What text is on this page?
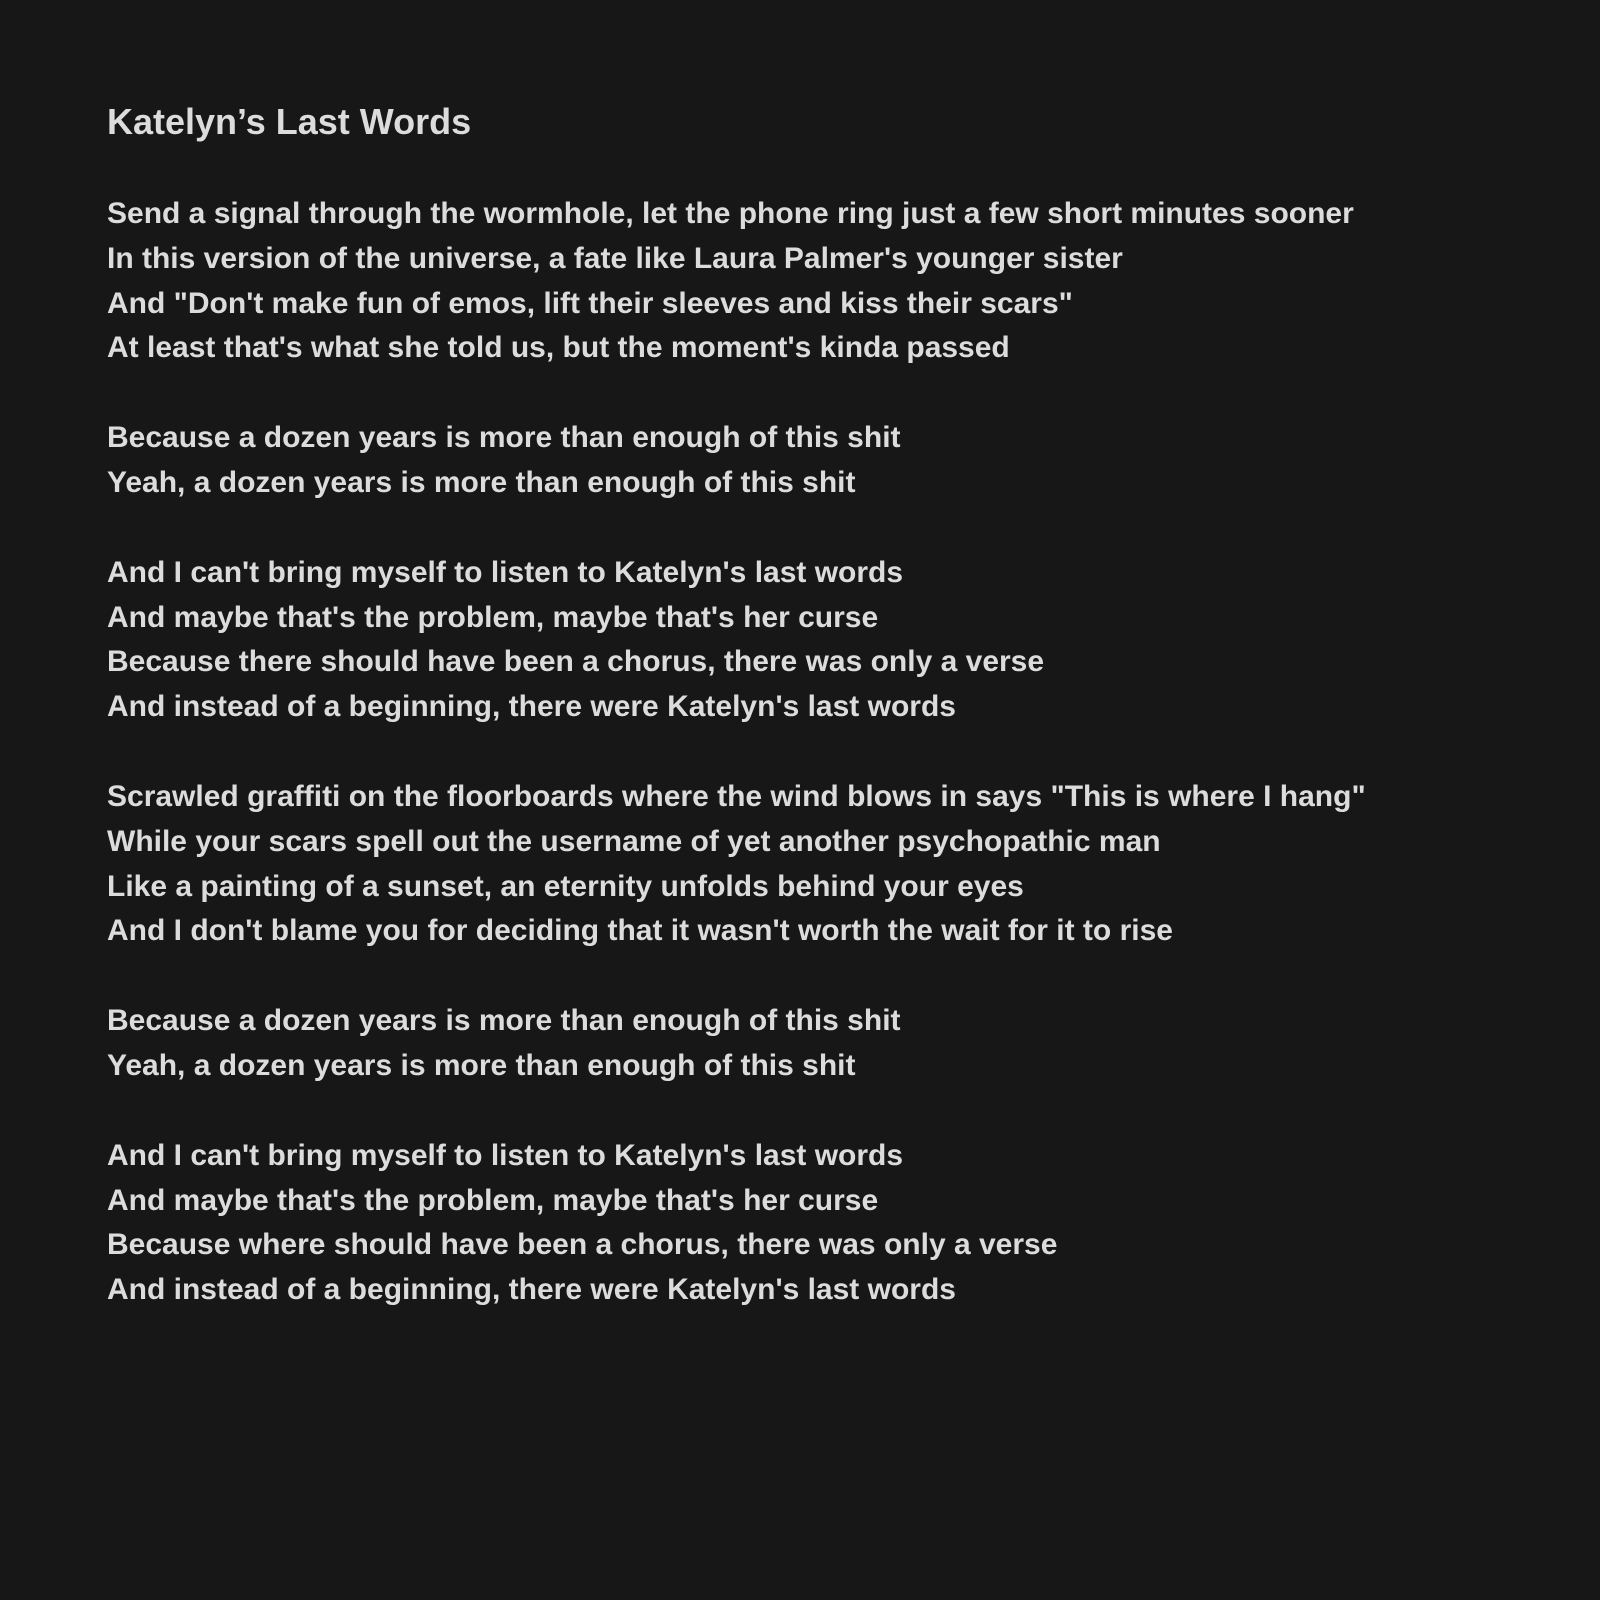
Katelyn’s Last Words
Send a signal through the wormhole, let the phone ring just a few short minutes sooner
In this version of the universe, a fate like Laura Palmer's younger sister
And "Don't make fun of emos, lift their sleeves and kiss their scars"
At least that's what she told us, but the moment's kinda passed
Because a dozen years is more than enough of this shit
Yeah, a dozen years is more than enough of this shit
And I can't bring myself to listen to Katelyn's last words
And maybe that's the problem, maybe that's her curse
Because there should have been a chorus, there was only a verse
And instead of a beginning, there were Katelyn's last words
Scrawled graffiti on the floorboards where the wind blows in says "This is where I hang"
While your scars spell out the username of yet another psychopathic man
Like a painting of a sunset, an eternity unfolds behind your eyes
And I don't blame you for deciding that it wasn't worth the wait for it to rise
Because a dozen years is more than enough of this shit
Yeah, a dozen years is more than enough of this shit
And I can't bring myself to listen to Katelyn's last words
And maybe that's the problem, maybe that's her curse
Because where should have been a chorus, there was only a verse
And instead of a beginning, there were Katelyn's last words
